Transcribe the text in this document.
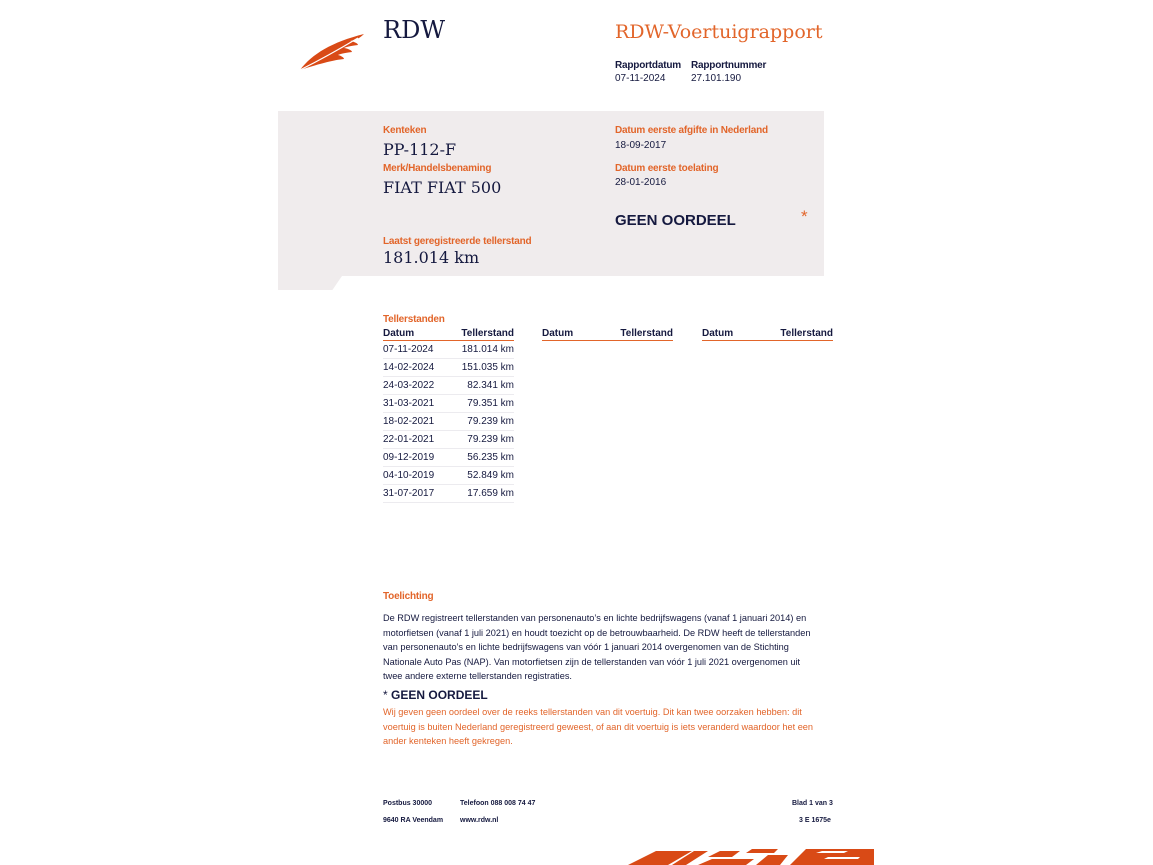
RDW	RDW-Voertuigrapport
Rapportdatum
07-11-2024
Rapportnummer
27.101.190
Kenteken
PP-112-F
Merk/Handelsbenaming
FIAT FIAT 500
Laatst geregistreerde tellerstand
181.014 km
Datum eerste afgifte in Nederland
18-09-2017
Datum eerste toelating
28-01-2016
GEEN OORDEEL	*
Tellerstanden
Datum	Tellerstand
07-11-2024	181.014 km
14-02-2024	151.035 km
24-03-2022	82.341 km
31-03-2021	79.351 km
18-02-2021	79.239 km
22-01-2021	79.239 km
09-12-2019	56.235 km
04-10-2019	52.849 km
31-07-2017	17.659 km
Datum	Tellerstand	Datum	Tellerstand
Toelichting
De RDW registreert tellerstanden van personenauto’s en lichte bedrijfswagens (vanaf 1 januari 2014) en
motorfietsen (vanaf 1 juli 2021) en houdt toezicht op de betrouwbaarheid. De RDW heeft de tellerstanden
van personenauto’s en lichte bedrijfswagens van vóór 1 januari 2014 overgenomen van de Stichting
Nationale Auto Pas (NAP). Van motorfietsen zijn de tellerstanden van vóór 1 juli 2021 overgenomen uit
twee andere externe tellerstanden registraties.
* GEEN OORDEEL
Wij geven geen oordeel over de reeks tellerstanden van dit voertuig. Dit kan twee oorzaken hebben: dit
voertuig is buiten Nederland geregistreerd geweest, of aan dit voertuig is iets veranderd waardoor het een
ander kenteken heeft gekregen.
Postbus 30000
9640 RA Veendam
Telefoon 088 008 74 47
www.rdw.nl
Blad 1 van 3
3 E 1675e
